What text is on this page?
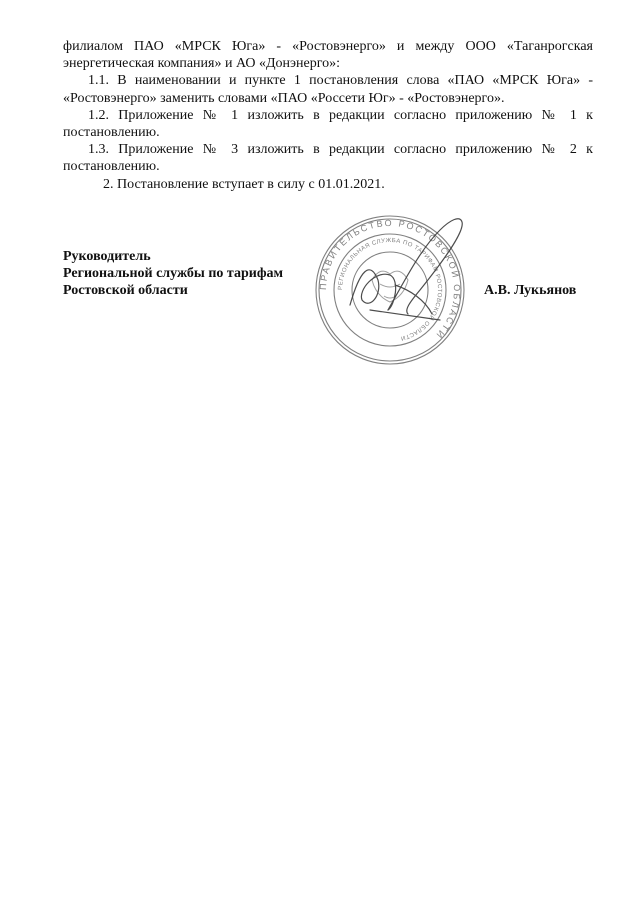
филиалом ПАО «МРСК Юга» - «Ростовэнерго» и между ООО «Таганрогская энергетическая компания» и АО «Донэнерго»:

1.1. В наименовании и пункте 1 постановления слова «ПАО «МРСК Юга» - «Ростовэнерго» заменить словами «ПАО «Россети Юг» - «Ростовэнерго».

1.2. Приложение № 1 изложить в редакции согласно приложению № 1 к постановлению.

1.3. Приложение № 3 изложить в редакции согласно приложению № 2 к постановлению.

2. Постановление вступает в силу с 01.01.2021.

Руководитель
Региональной службы по тарифам
Ростовской области	А.В. Лукьянов
ПРАВИТЕЛЬСТВО РОСТОВСКОЙ ОБЛАСТИ
РЕГИОНАЛЬНАЯ СЛУЖБА ПО ТАРИФАМ РОСТОВСКОЙ ОБЛАСТИ
